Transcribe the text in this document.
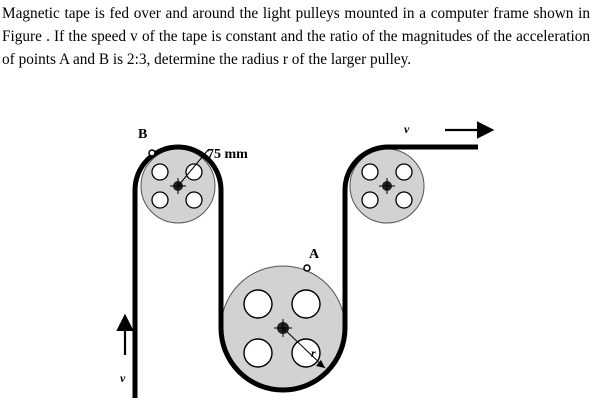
Magnetic tape is fed over and around the light pulleys mounted in a computer frame shown in Figure . If the speed v of the tape is constant and the ratio of the magnitudes of the acceleration of points A and B is 2:3, determine the radius r of the larger pulley.

B
A
r
v
v
75 mm
